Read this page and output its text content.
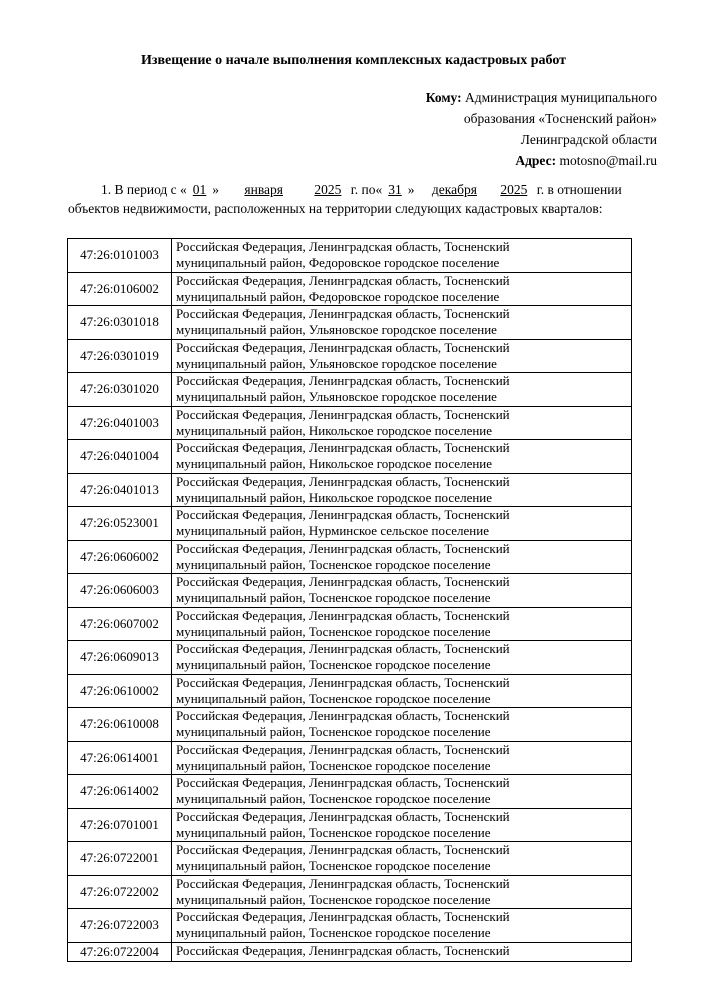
Извещение о начале выполнения комплексных кадастровых работ
Кому: Администрация муниципального
образования «Тосненский район»
Ленинградской области
Адрес: motosno@mail.ru
1. В период с « 01 » января 2025 г. по« 31 » декабря 2025 г. в отношении
объектов недвижимости, расположенных на территории следующих кадастровых кварталов:
47:26:0101003	Российская Федерация, Ленинградская область, Тосненский
муниципальный район, Федоровское городское поселение

47:26:0106002	Российская Федерация, Ленинградская область, Тосненский
муниципальный район, Федоровское городское поселение

47:26:0301018	Российская Федерация, Ленинградская область, Тосненский
муниципальный район, Ульяновское городское поселение

47:26:0301019	Российская Федерация, Ленинградская область, Тосненский
муниципальный район, Ульяновское городское поселение

47:26:0301020	Российская Федерация, Ленинградская область, Тосненский
муниципальный район, Ульяновское городское поселение

47:26:0401003	Российская Федерация, Ленинградская область, Тосненский
муниципальный район, Никольское городское поселение

47:26:0401004	Российская Федерация, Ленинградская область, Тосненский
муниципальный район, Никольское городское поселение

47:26:0401013	Российская Федерация, Ленинградская область, Тосненский
муниципальный район, Никольское городское поселение

47:26:0523001	Российская Федерация, Ленинградская область, Тосненский
муниципальный район, Нурминское сельское поселение

47:26:0606002	Российская Федерация, Ленинградская область, Тосненский
муниципальный район, Тосненское городское поселение

47:26:0606003	Российская Федерация, Ленинградская область, Тосненский
муниципальный район, Тосненское городское поселение

47:26:0607002	Российская Федерация, Ленинградская область, Тосненский
муниципальный район, Тосненское городское поселение

47:26:0609013	Российская Федерация, Ленинградская область, Тосненский
муниципальный район, Тосненское городское поселение

47:26:0610002	Российская Федерация, Ленинградская область, Тосненский
муниципальный район, Тосненское городское поселение

47:26:0610008	Российская Федерация, Ленинградская область, Тосненский
муниципальный район, Тосненское городское поселение

47:26:0614001	Российская Федерация, Ленинградская область, Тосненский
муниципальный район, Тосненское городское поселение

47:26:0614002	Российская Федерация, Ленинградская область, Тосненский
муниципальный район, Тосненское городское поселение

47:26:0701001	Российская Федерация, Ленинградская область, Тосненский
муниципальный район, Тосненское городское поселение

47:26:0722001	Российская Федерация, Ленинградская область, Тосненский
муниципальный район, Тосненское городское поселение

47:26:0722002	Российская Федерация, Ленинградская область, Тосненский
муниципальный район, Тосненское городское поселение

47:26:0722003	Российская Федерация, Ленинградская область, Тосненский
муниципальный район, Тосненское городское поселение

47:26:0722004	Российская Федерация, Ленинградская область, Тосненский
